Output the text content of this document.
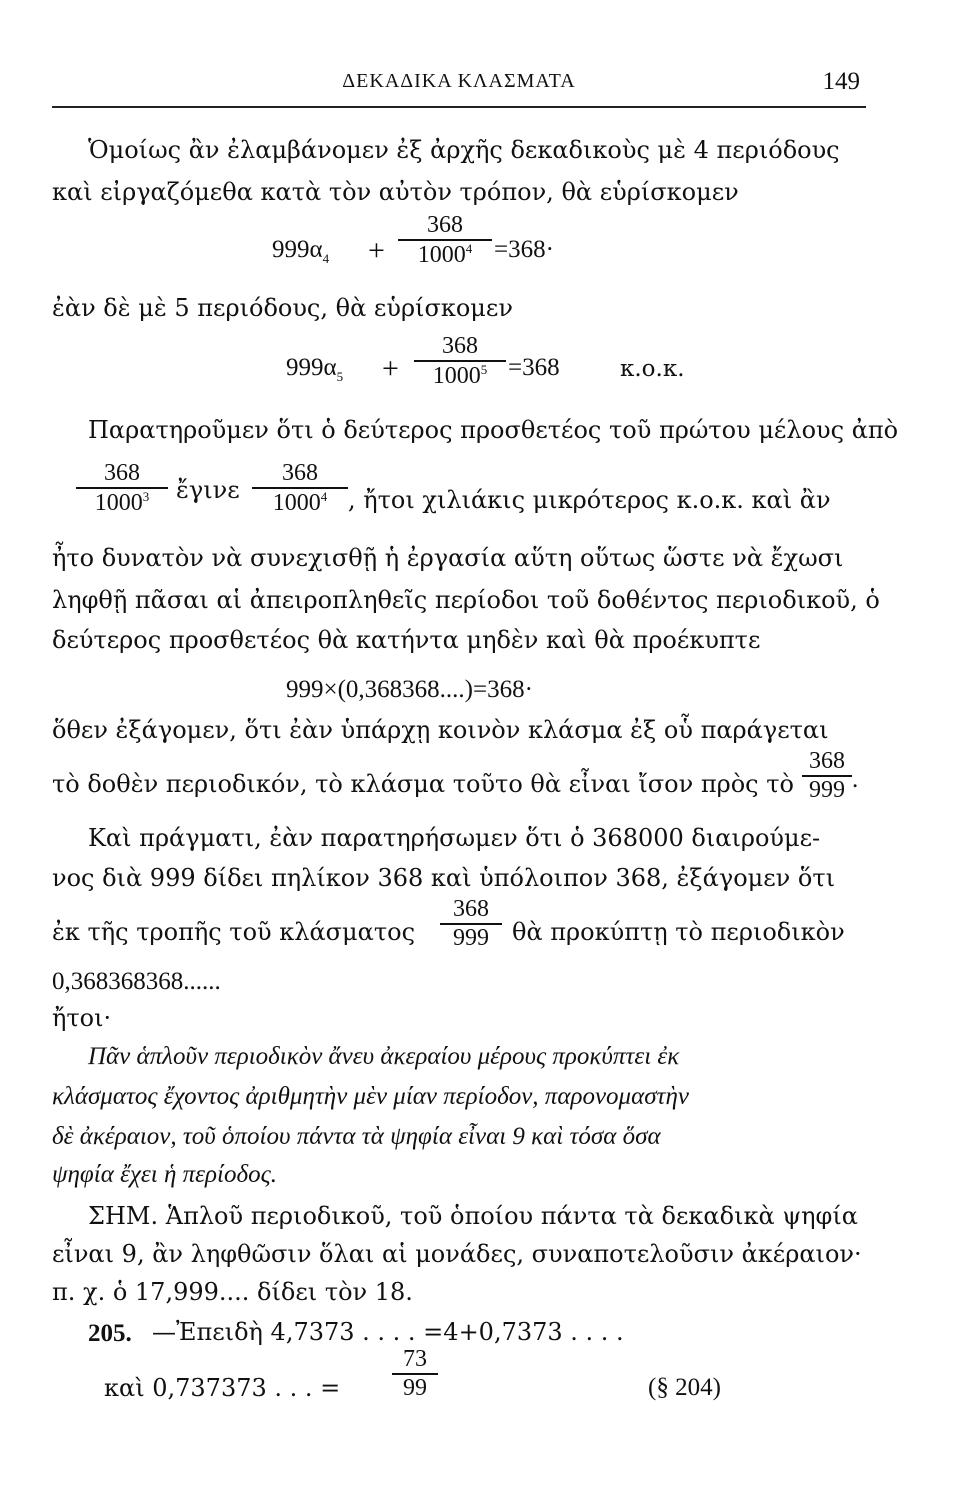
ΔΕΚΑΔΙΚΑ ΚΛΑΣΜΑΤΑ	149
Ὁμοίως ἂν ἐλαμβάνομεν ἐξ ἀρχῆς δεκαδικοὺς μὲ 4 περιόδους
καὶ εἰργαζόμεθα κατὰ τὸν αὐτὸν τρόπον, θὰ εὑρίσκομεν
$999\alpha_4$ +
368
$1000^4 =368\cdot$
ἐὰν δὲ μὲ 5 περιόδους, θὰ εὑρίσκομεν
$999\alpha_5$ +
368
$1000^5 =368$	κ.ο.κ.
Παρατηροῦμεν ὅτι ὁ δεύτερος προσθετέος τοῦ πρώτου μέλους ἀπὸ
368
1000$^3$	ἔγινε
368
1000$^4$ , ἤτοι χιλιάκις μικρότερος κ.ο.κ. καὶ ἂν
ἦτο δυνατὸν νὰ συνεχισθῇ ἡ ἐργασία αὕτη οὕτως ὥστε νὰ ἔχωσι
ληφθῇ πᾶσαι αἱ ἀπειροπληθεῖς περίοδοι τοῦ δοθέντος περιοδικοῦ, ὁ
δεύτερος προσθετέος θὰ κατήντα μηδὲν καὶ θὰ προέκυπτε
999×(0,368368....)=368·
ὅθεν ἐξάγομεν, ὅτι ἐὰν ὑπάρχῃ κοινὸν κλάσμα ἐξ οὗ παράγεται
τὸ δοθὲν περιοδικόν, τὸ κλάσμα τοῦτο θὰ εἶναι ἴσον πρὸς τὸ
368
999 .
Καὶ πράγματι, ἐὰν παρατηρήσωμεν ὅτι ὁ 368000 διαιρούμε-
νος διὰ 999 δίδει πηλίκον 368 καὶ ὑπόλοιπον 368, ἐξάγομεν ὅτι
ἐκ τῆς τροπῆς τοῦ κλάσματος
368
999 θὰ προκύπτῃ τὸ περιοδικὸν
0,368368368......
ἤτοι·
Πᾶν ἁπλοῦν περιοδικὸν ἄνευ ἀκεραίου μέρους προκύπτει ἐκ
κλάσματος ἔχοντος ἀριθμητὴν μὲν μίαν περίοδον, παρονομαστὴν
δὲ ἀκέραιον, τοῦ ὁποίου πάντα τὰ ψηφία εἶναι 9 καὶ τόσα ὅσα
ψηφία ἔχει ἡ περίοδος.
ΣΗΜ. Ἁπλοῦ περιοδικοῦ, τοῦ ὁποίου πάντα τὰ δεκαδικὰ ψηφία
εἶναι 9, ἂν ληφθῶσιν ὅλαι αἱ μονάδες, συναποτελοῦσιν ἀκέραιον·
π. χ. ὁ 17,999.... δίδει τὸν 18.
205. —Ἐπειδὴ 4,7373 . . . . =4+0,7373 . . . .
καὶ 0,737373 . . . =
73
99	(§ 204)
